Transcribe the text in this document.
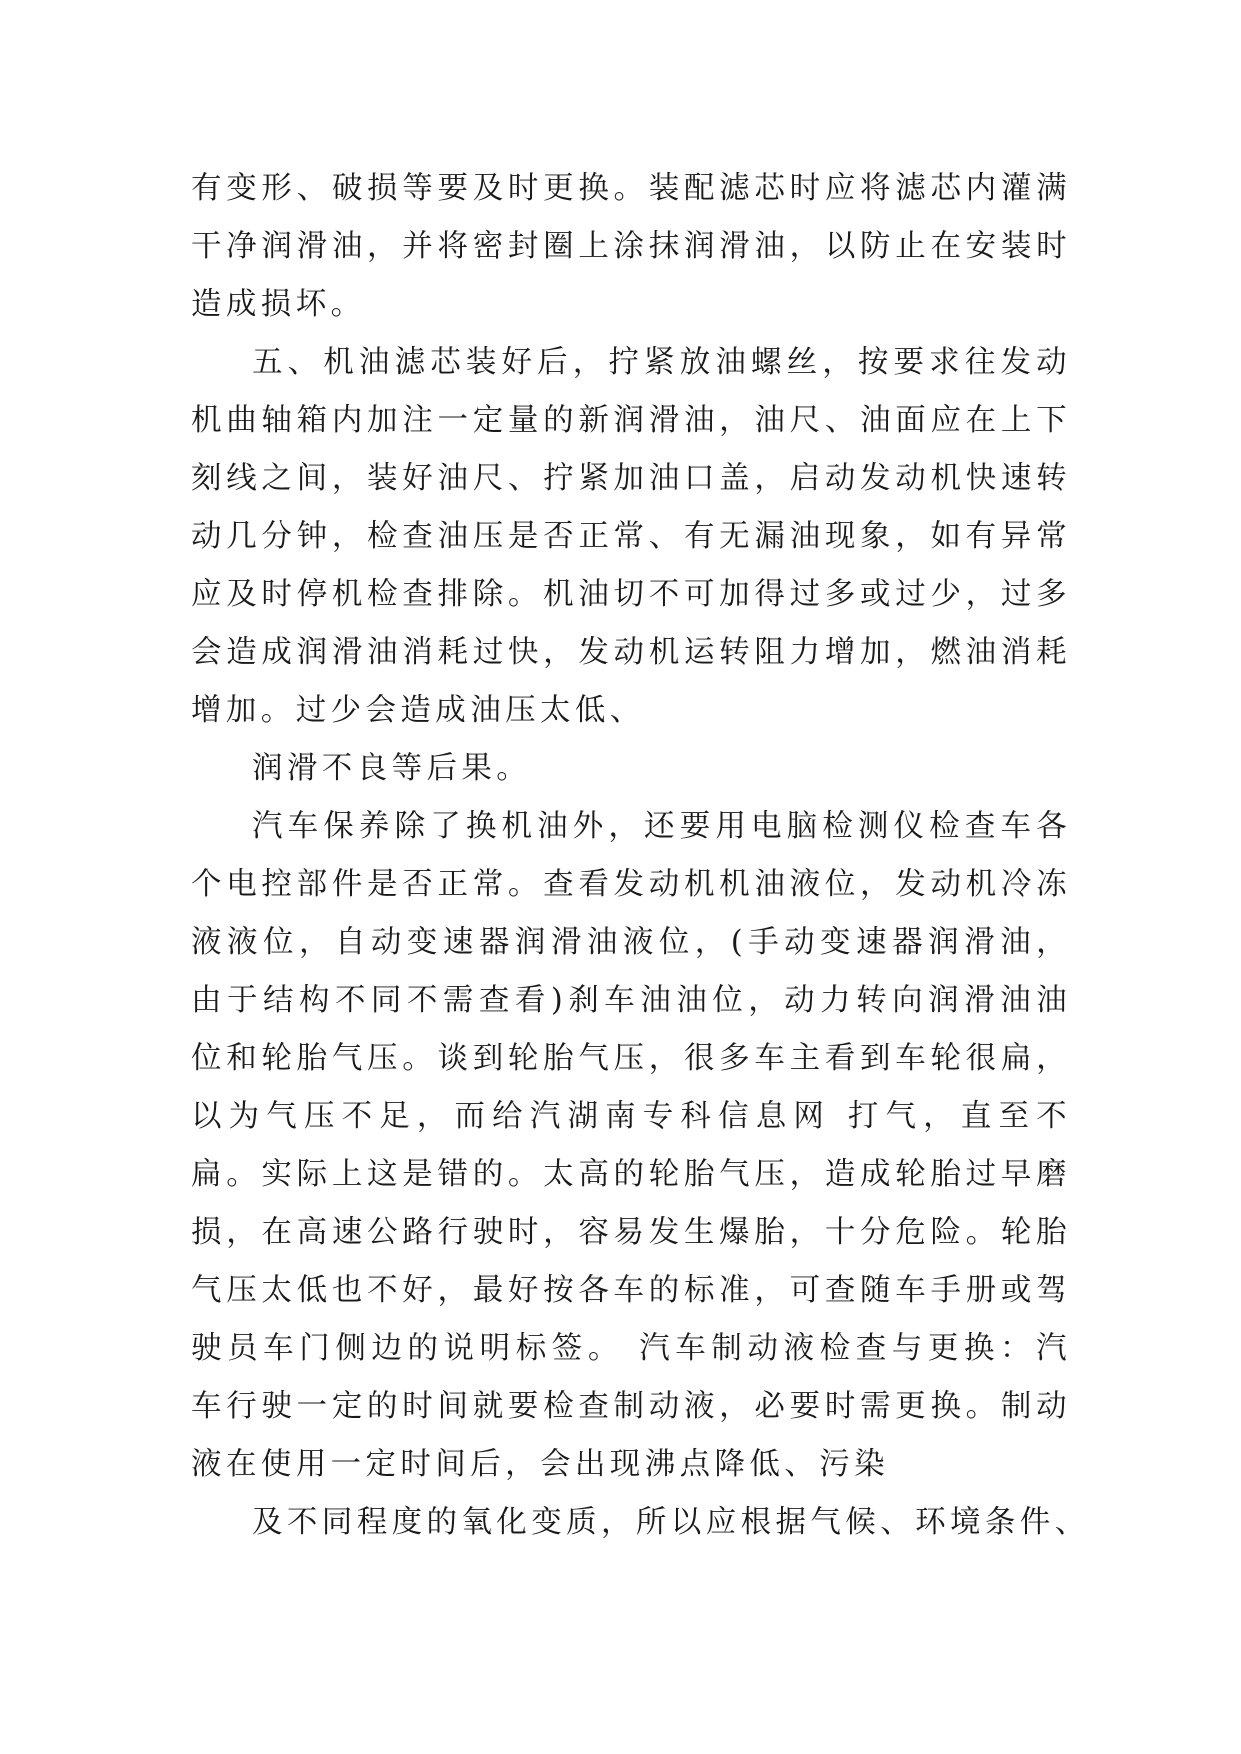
有变形、破损等要及时更换。装配滤芯时应将滤芯内灌满干净润滑油，并将密封圈上涂抹润滑油，以防止在安装时造成损坏。

五、机油滤芯装好后，拧紧放油螺丝，按要求往发动机曲轴箱内加注一定量的新润滑油，油尺、油面应在上下刻线之间，装好油尺、拧紧加油口盖，启动发动机快速转动几分钟，检查油压是否正常、有无漏油现象，如有异常应及时停机检查排除。机油切不可加得过多或过少，过多会造成润滑油消耗过快，发动机运转阻力增加，燃油消耗增加。过少会造成油压太低、

润滑不良等后果。

汽车保养除了换机油外，还要用电脑检测仪检查车各个电控部件是否正常。查看发动机机油液位，发动机冷冻液液位，自动变速器润滑油液位，(手动变速器润滑油，由于结构不同不需查看)刹车油油位，动力转向润滑油油位和轮胎气压。谈到轮胎气压，很多车主看到车轮很扁，以为气压不足，而给汽湖南专科信息网 打气，直至不扁。实际上这是错的。太高的轮胎气压，造成轮胎过早磨损，在高速公路行驶时，容易发生爆胎，十分危险。轮胎气压太低也不好，最好按各车的标准，可查随车手册或驾驶员车门侧边的说明标签。 汽车制动液检查与更换：汽车行驶一定的时间就要检查制动液，必要时需更换。制动液在使用一定时间后，会出现沸点降低、污染

及不同程度的氧化变质，所以应根据气候、环境条件、
